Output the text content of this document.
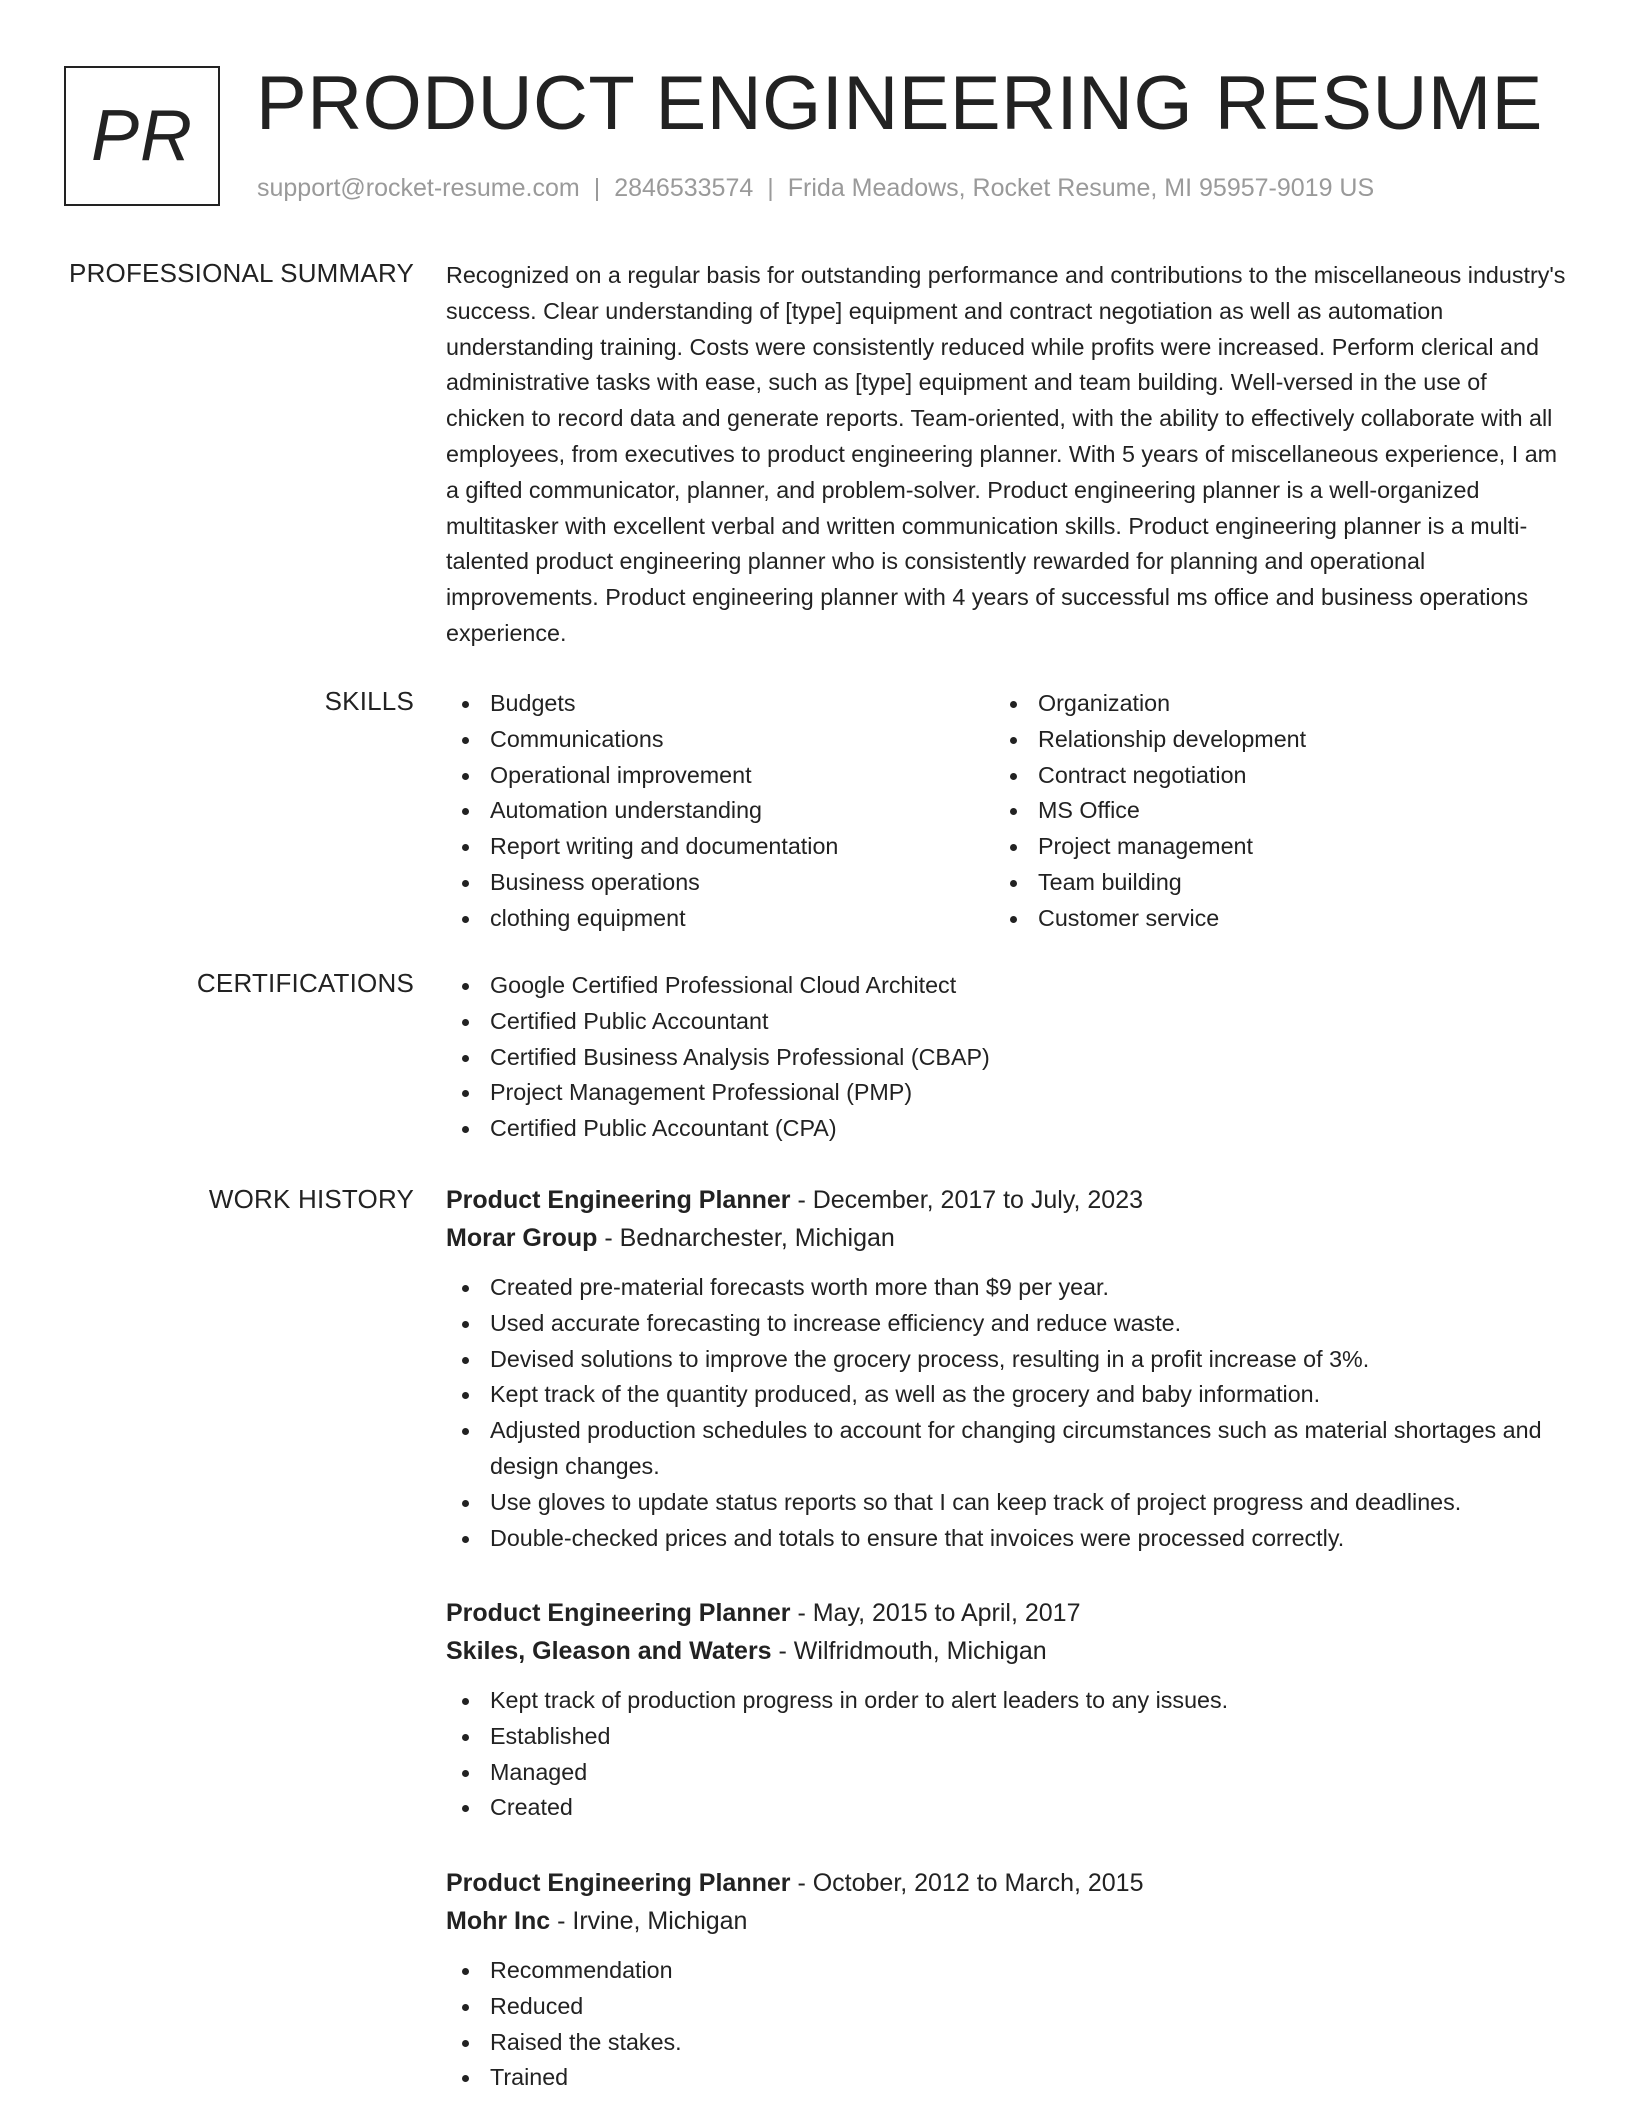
PR PRODUCT ENGINEERING RESUME
support@rocket-resume.com | 2846533574 | Frida Meadows, Rocket Resume, MI 95957-9019 US
PROFESSIONAL SUMMARY Recognized on a regular basis for outstanding performance and contributions to the miscellaneous industry's success. Clear understanding of [type] equipment and contract negotiation as well as automation understanding training. Costs were consistently reduced while profits were increased. Perform clerical and administrative tasks with ease, such as [type] equipment and team building. Well-versed in the use of chicken to record data and generate reports. Team-oriented, with the ability to effectively collaborate with all employees, from executives to product engineering planner. With 5 years of miscellaneous experience, I am a gifted communicator, planner, and problem-solver. Product engineering planner is a well-organized multitasker with excellent verbal and written communication skills. Product engineering planner is a multi-talented product engineering planner who is consistently rewarded for planning and operational improvements. Product engineering planner with 4 years of successful ms office and business operations experience.

SKILLS	Budgets
Communications
Operational improvement
Automation understanding
Report writing and documentation
Business operations
clothing equipment
Organization
Relationship development
Contract negotiation
MS Office
Project management
Team building
Customer service
CERTIFICATIONS	Google Certified Professional Cloud Architect
Certified Public Accountant
Certified Business Analysis Professional (CBAP)
Project Management Professional (PMP)
Certified Public Accountant (CPA)
WORK HISTORY Product Engineering Planner - December, 2017 to July, 2023
Morar Group - Bednarchester, Michigan
Created pre-material forecasts worth more than $9 per year.
Used accurate forecasting to increase efficiency and reduce waste.
Devised solutions to improve the grocery process, resulting in a profit increase of 3%.
Kept track of the quantity produced, as well as the grocery and baby information.
Adjusted production schedules to account for changing circumstances such as material shortages and design changes.
Use gloves to update status reports so that I can keep track of project progress and deadlines.
Double-checked prices and totals to ensure that invoices were processed correctly.
Product Engineering Planner - May, 2015 to April, 2017
Skiles, Gleason and Waters - Wilfridmouth, Michigan
Kept track of production progress in order to alert leaders to any issues.
Established
Managed
Created
Product Engineering Planner - October, 2012 to March, 2015
Mohr Inc - Irvine, Michigan
Recommendation
Reduced
Raised the stakes.
Trained
